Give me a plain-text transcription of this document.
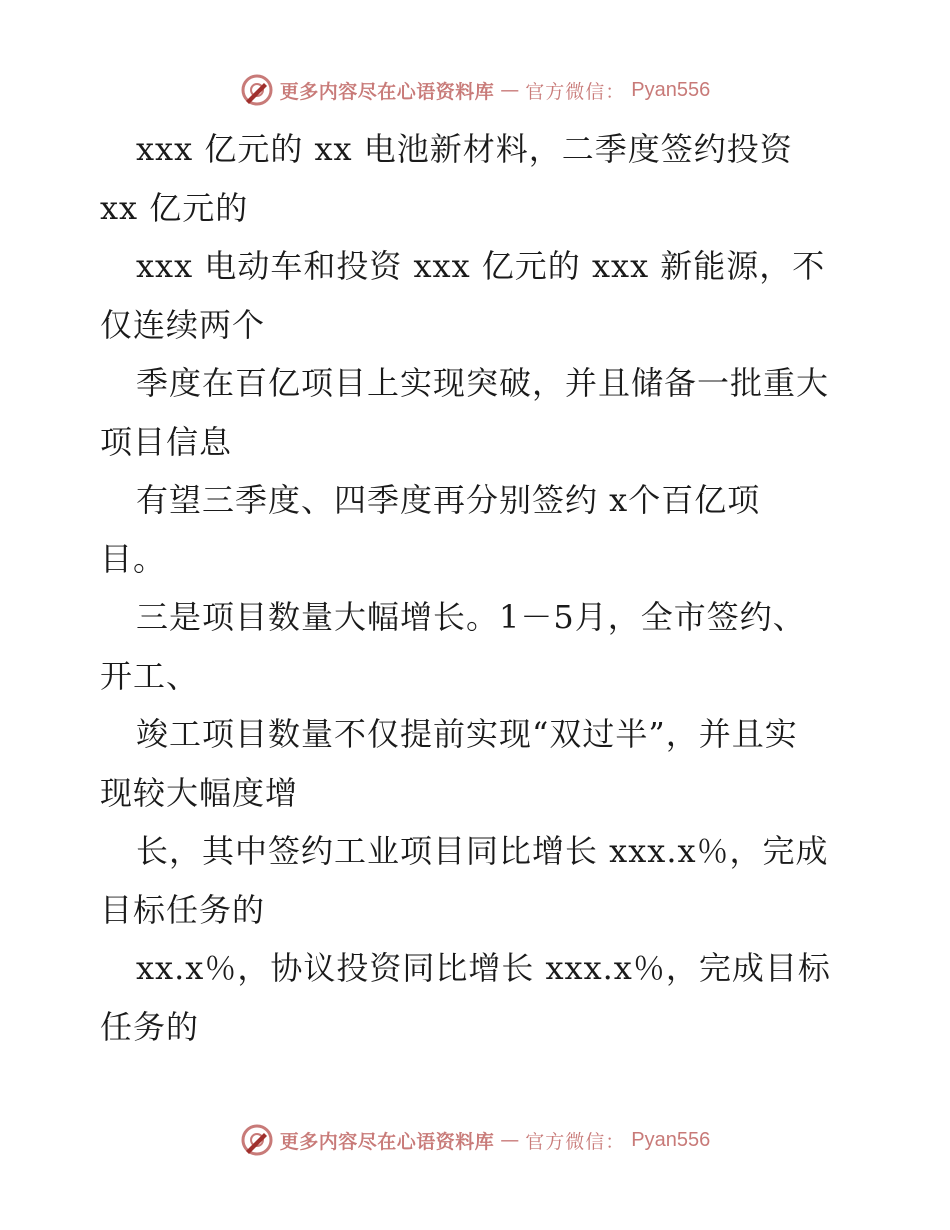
更多内容尽在心语资料库 — 官方微信： Pyan556
xxx 亿元的 xx 电池新材料，二季度签约投资
xx 亿元的
xxx 电动车和投资 xxx 亿元的 xxx 新能源，不
仅连续两个
季度在百亿项目上实现突破，并且储备一批重大
项目信息
有望三季度、四季度再分别签约 x个百亿项
目。
三是项目数量大幅增长。1－5月，全市签约、
开工、
竣工项目数量不仅提前实现“双过半”，并且实
现较大幅度增
长，其中签约工业项目同比增长 xxx.x％，完成
目标任务的
xx.x％，协议投资同比增长 xxx.x％，完成目标
任务的
更多内容尽在心语资料库 — 官方微信： Pyan556
